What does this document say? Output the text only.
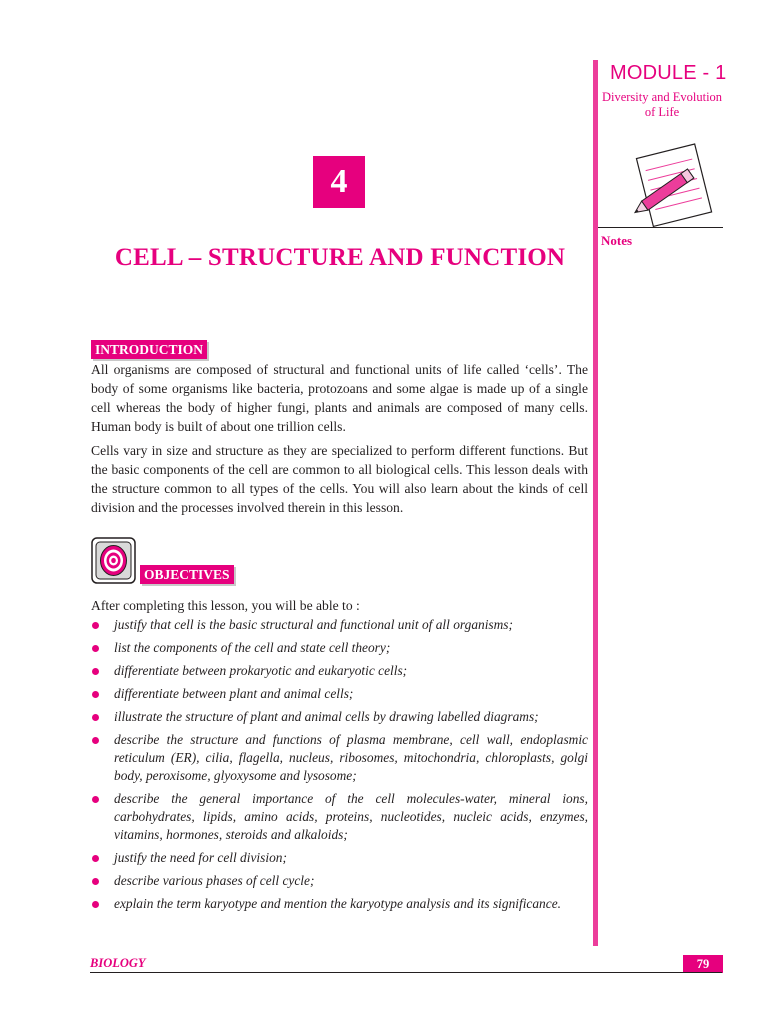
MODULE - 1
Diversity and Evolution
of Life
Notes
4
CELL – STRUCTURE AND FUNCTION
INTRODUCTION
All organisms are composed of structural and functional units of life called ‘cells’. The body of some organisms like bacteria, protozoans and some algae is made up of a single cell whereas the body of higher fungi, plants and animals are composed of many cells. Human body is built of about one trillion cells.
Cells vary in size and structure as they are specialized to perform different functions. But the basic components of the cell are common to all biological cells. This lesson deals with the structure common to all types of the cells. You will also learn about the kinds of cell division and the processes involved therein in this lesson.
OBJECTIVES
After completing this lesson, you will be able to :
justify that cell is the basic structural and functional unit of all organisms;
list the components of the cell and state cell theory;
differentiate between prokaryotic and eukaryotic cells;
differentiate between plant and animal cells;
illustrate the structure of plant and animal cells by drawing labelled diagrams;
describe the structure and functions of plasma membrane, cell wall, endoplasmic reticulum (ER), cilia, flagella, nucleus, ribosomes, mitochondria, chloroplasts, golgi body, peroxisome, glyoxysome and lysosome;
describe the general importance of the cell molecules-water, mineral ions, carbohydrates, lipids, amino acids, proteins, nucleotides, nucleic acids, enzymes, vitamins, hormones, steroids and alkaloids;
justify the need for cell division;
describe various phases of cell cycle;
explain the term karyotype and mention the karyotype analysis and its significance.
BIOLOGY	79
